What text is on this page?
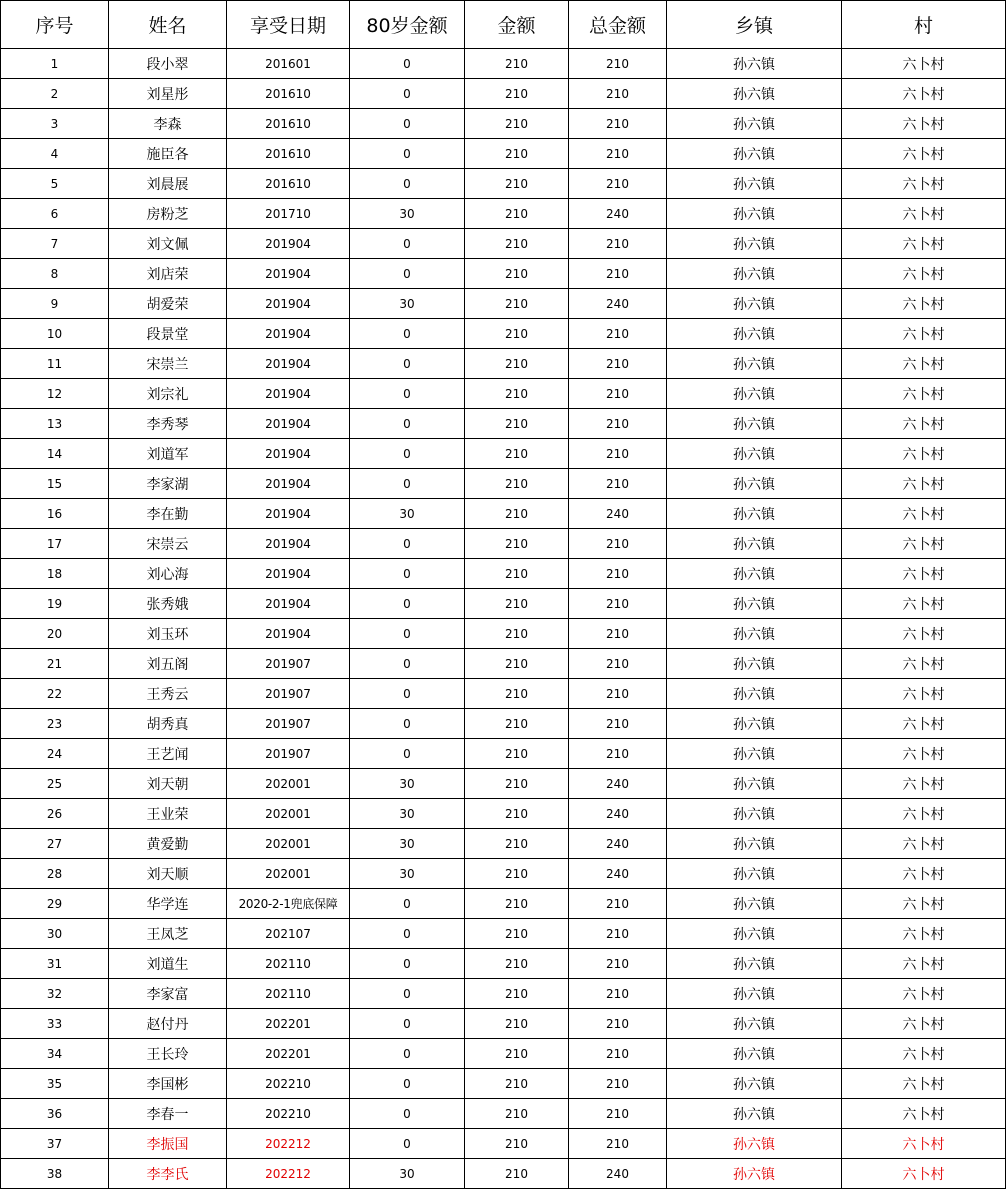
序号	姓名	享受日期	80岁金额	金额	总金额	乡镇	村
1	段小翠	201601	0	210	210	孙六镇	六卜村
2	刘星彤	201610	0	210	210	孙六镇	六卜村
3	李森	201610	0	210	210	孙六镇	六卜村
4	施臣各	201610	0	210	210	孙六镇	六卜村
5	刘晨展	201610	0	210	210	孙六镇	六卜村
6	房粉芝	201710	30	210	240	孙六镇	六卜村
7	刘文佩	201904	0	210	210	孙六镇	六卜村
8	刘店荣	201904	0	210	210	孙六镇	六卜村
9	胡爱荣	201904	30	210	240	孙六镇	六卜村
10	段景堂	201904	0	210	210	孙六镇	六卜村
11	宋崇兰	201904	0	210	210	孙六镇	六卜村
12	刘宗礼	201904	0	210	210	孙六镇	六卜村
13	李秀琴	201904	0	210	210	孙六镇	六卜村
14	刘道军	201904	0	210	210	孙六镇	六卜村
15	李家湖	201904	0	210	210	孙六镇	六卜村
16	李在勤	201904	30	210	240	孙六镇	六卜村
17	宋崇云	201904	0	210	210	孙六镇	六卜村
18	刘心海	201904	0	210	210	孙六镇	六卜村
19	张秀娥	201904	0	210	210	孙六镇	六卜村
20	刘玉环	201904	0	210	210	孙六镇	六卜村
21	刘五阁	201907	0	210	210	孙六镇	六卜村
22	王秀云	201907	0	210	210	孙六镇	六卜村
23	胡秀真	201907	0	210	210	孙六镇	六卜村
24	王艺闻	201907	0	210	210	孙六镇	六卜村
25	刘天朝	202001	30	210	240	孙六镇	六卜村
26	王业荣	202001	30	210	240	孙六镇	六卜村
27	黄爱勤	202001	30	210	240	孙六镇	六卜村
28	刘天顺	202001	30	210	240	孙六镇	六卜村
29	华学连	2020-2-1兜底保障	0	210	210	孙六镇	六卜村
30	王凤芝	202107	0	210	210	孙六镇	六卜村
31	刘道生	202110	0	210	210	孙六镇	六卜村
32	李家富	202110	0	210	210	孙六镇	六卜村
33	赵付丹	202201	0	210	210	孙六镇	六卜村
34	王长玲	202201	0	210	210	孙六镇	六卜村
35	李国彬	202210	0	210	210	孙六镇	六卜村
36	李春一	202210	0	210	210	孙六镇	六卜村
37	李振国	202212	0	210	210	孙六镇	六卜村
38	李李氏	202212	30	210	240	孙六镇	六卜村
